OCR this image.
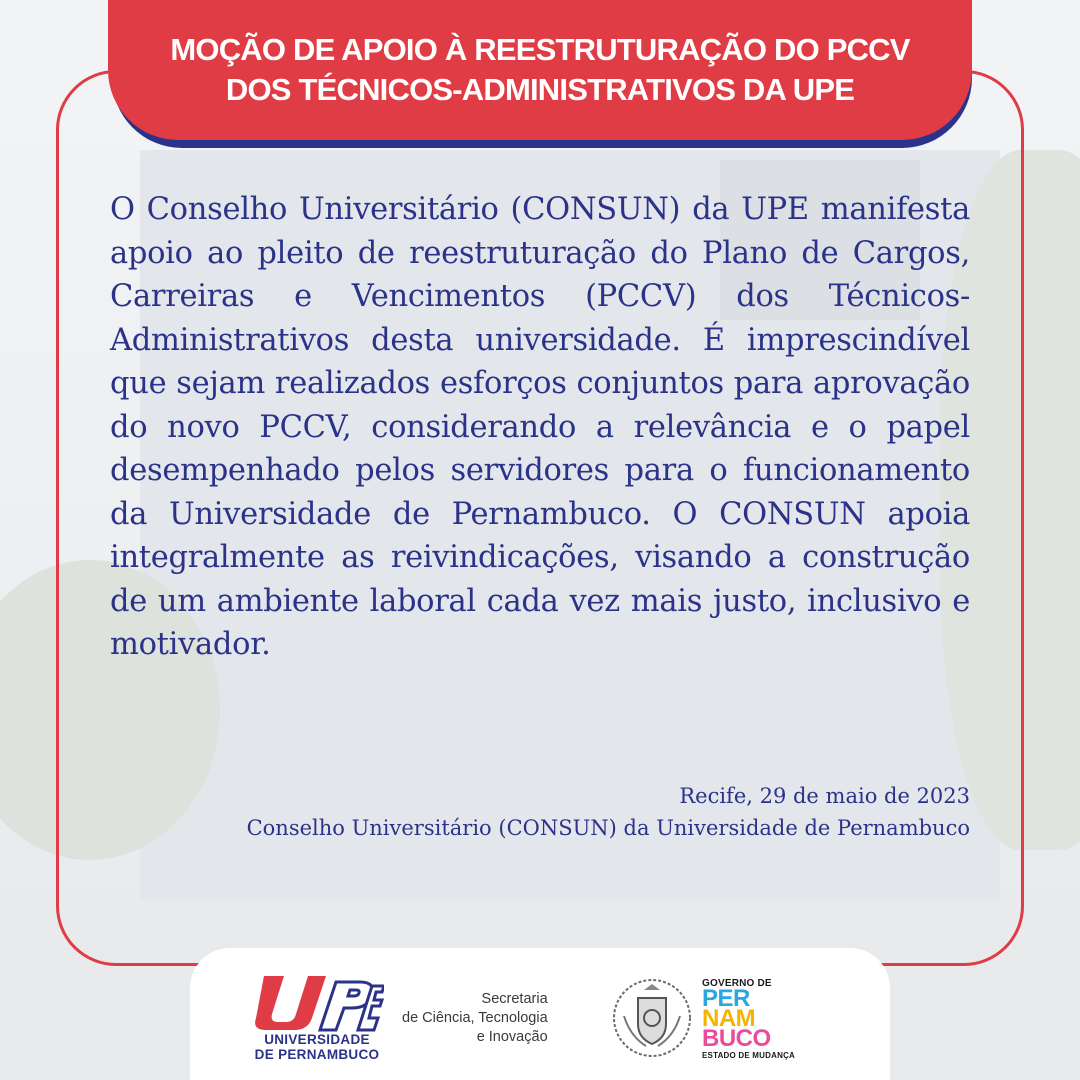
MOÇÃO DE APOIO À REESTRUTURAÇÃO DO PCCV
DOS TÉCNICOS-ADMINISTRATIVOS DA UPE

O Conselho Universitário (CONSUN) da UPE manifesta apoio ao pleito de reestruturação do Plano de Cargos, Carreiras e Vencimentos (PCCV) dos Técnicos-Administrativos desta universidade. É imprescindível que sejam realizados esforços conjuntos para aprovação do novo PCCV, considerando a relevância e o papel desempenhado pelos servidores para o funcionamento da Universidade de Pernambuco. O CONSUN apoia integralmente as reivindicações, visando a construção de um ambiente laboral cada vez mais justo, inclusivo e motivador.

Recife, 29 de maio de 2023
Conselho Universitário (CONSUN) da Universidade de Pernambuco
UNIVERSIDADE
DE PERNAMBUCO
Secretaria
de Ciência, Tecnologia
e Inovação
GOVERNO DE
PER
NAM
BUCO
ESTADO DE MUDANÇA
